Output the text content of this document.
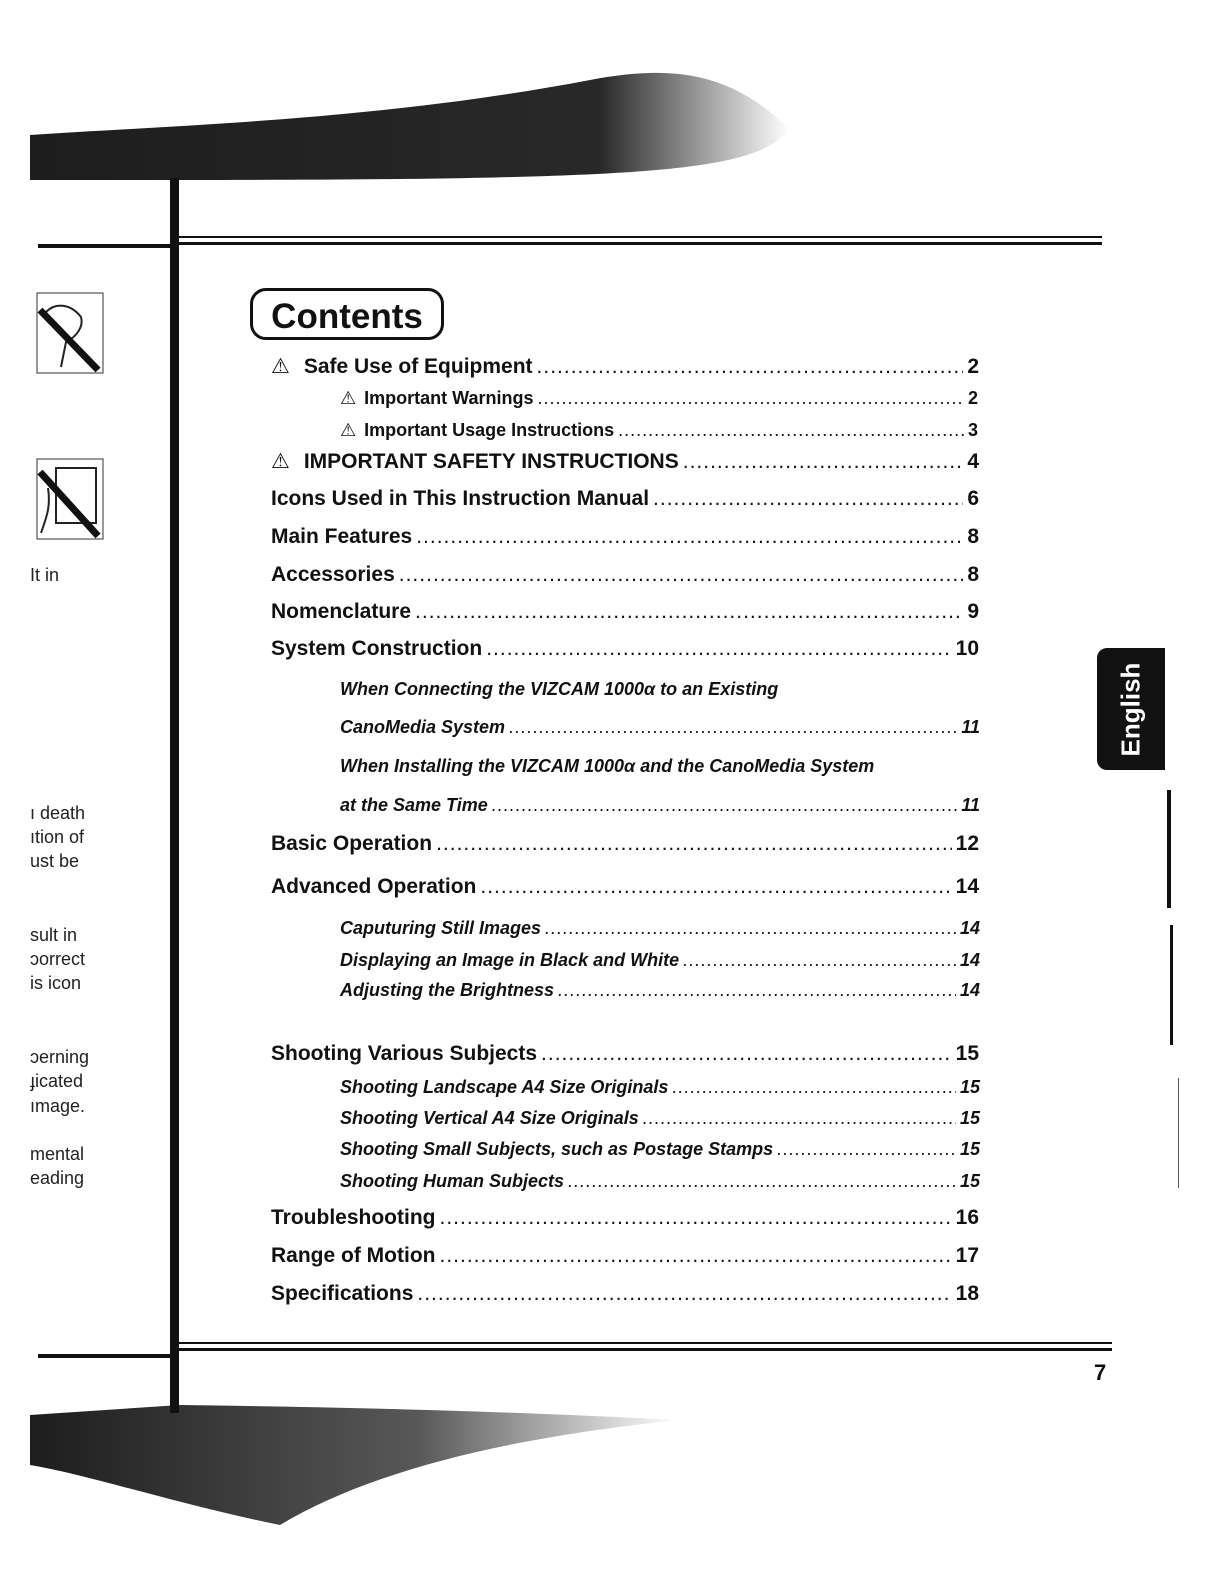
It in
ı death
ıtion of
ust be
sult in
ɔorrect
is icon
ɔerning
ɟicated
ımage.
mental
eading
Contents
⚠ Safe Use of Equipment .....	2
⚠ Important Warnings .....	2
⚠ Important Usage Instructions .....	3
⚠ IMPORTANT SAFETY INSTRUCTIONS .....	4
Icons Used in This Instruction Manual .....	6
Main Features .....	8
Accessories .....	8
Nomenclature .....	9
System Construction .....	10
When Connecting the VIZCAM 1000α to an Existing
CanoMedia System .....	11
When Installing the VIZCAM 1000α and the CanoMedia System
at the Same Time .....	11
Basic Operation .....	12
Advanced Operation .....	14
Caputuring Still Images .....	14
Displaying an Image in Black and White .....	14
Adjusting the Brightness .....	14
Shooting Various Subjects .....	15
Shooting Landscape A4 Size Originals .....	15
Shooting Vertical A4 Size Originals .....	15
Shooting Small Subjects, such as Postage Stamps .....	15
Shooting Human Subjects .....	15
Troubleshooting .....	16
Range of Motion .....	17
Specifications .....	18
English
7
